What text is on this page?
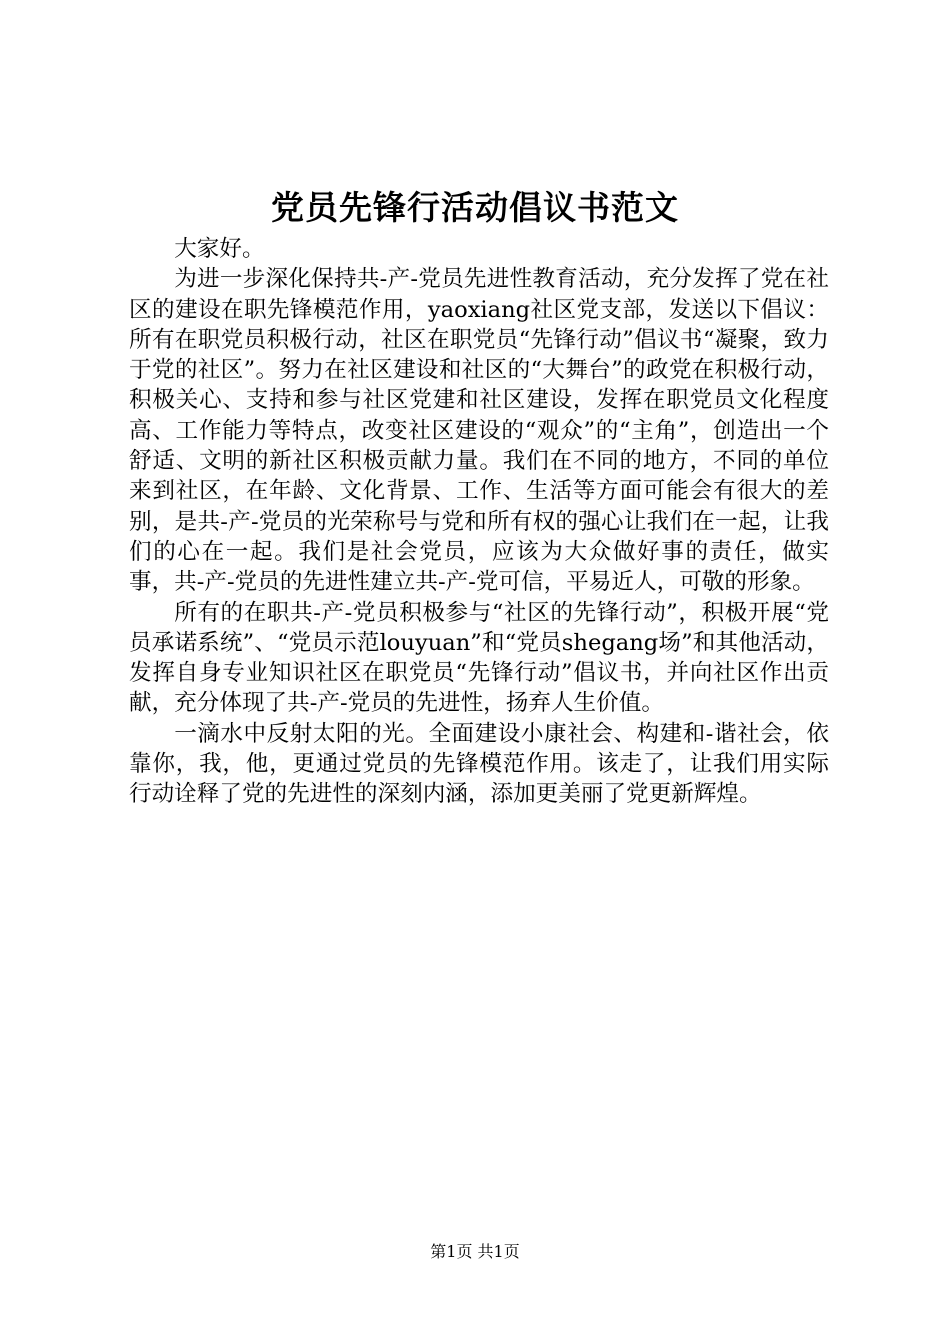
党员先锋行活动倡议书范文

大家好。

为进一步深化保持共-产-党员先进性教育活动，充分发挥了党在社区的建设在职先锋模范作用，yaoxiang社区党支部，发送以下倡议：所有在职党员积极行动，社区在职党员“先锋行动”倡议书“凝聚，致力于党的社区”。努力在社区建设和社区的“大舞台”的政党在积极行动，积极关心、支持和参与社区党建和社区建设，发挥在职党员文化程度高、工作能力等特点，改变社区建设的“观众”的“主角”，创造出一个舒适、文明的新社区积极贡献力量。我们在不同的地方，不同的单位来到社区，在年龄、文化背景、工作、生活等方面可能会有很大的差别，是共-产-党员的光荣称号与党和所有权的强心让我们在一起，让我们的心在一起。我们是社会党员，应该为大众做好事的责任，做实事，共-产-党员的先进性建立共-产-党可信，平易近人，可敬的形象。

所有的在职共-产-党员积极参与“社区的先锋行动”，积极开展“党员承诺系统”、“党员示范louyuan”和“党员shegang场”和其他活动，发挥自身专业知识社区在职党员“先锋行动”倡议书，并向社区作出贡献，充分体现了共-产-党员的先进性，扬弃人生价值。

一滴水中反射太阳的光。全面建设小康社会、构建和-谐社会，依靠你，我，他，更通过党员的先锋模范作用。该走了，让我们用实际行动诠释了党的先进性的深刻内涵，添加更美丽了党更新辉煌。

第1页 共1页
